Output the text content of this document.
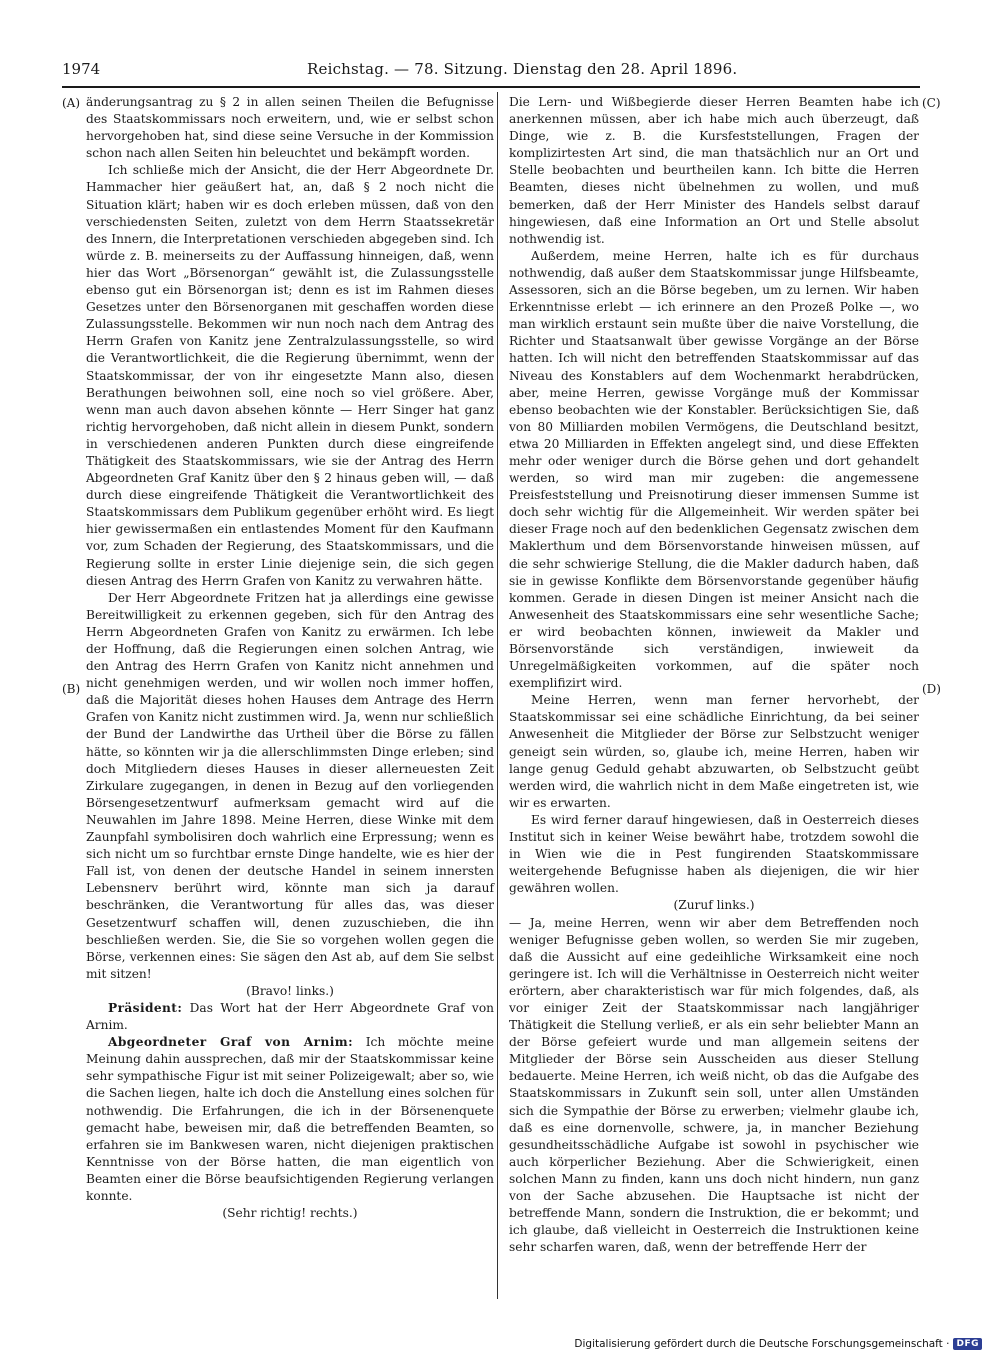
1974	Reichstag. — 78. Sitzung. Dienstag den 28. April 1896.
(A)
(B)
(C)
(D)

änderungsantrag zu § 2 in allen seinen Theilen die Befugnisse des Staatskommissars noch erweitern, und, wie er selbst schon hervorgehoben hat, sind diese seine Versuche in der Kommission schon nach allen Seiten hin beleuchtet und bekämpft worden.

Ich schließe mich der Ansicht, die der Herr Abgeordnete Dr. Hammacher hier geäußert hat, an, daß § 2 noch nicht die Situation klärt; haben wir es doch erleben müssen, daß von den verschiedensten Seiten, zuletzt von dem Herrn Staatssekretär des Innern, die Interpretationen verschieden abgegeben sind. Ich würde z. B. meinerseits zu der Auffassung hinneigen, daß, wenn hier das Wort „Börsenorgan“ gewählt ist, die Zulassungsstelle ebenso gut ein Börsenorgan ist; denn es ist im Rahmen dieses Gesetzes unter den Börsenorganen mit geschaffen worden diese Zulassungsstelle. Bekommen wir nun noch nach dem Antrag des Herrn Grafen von Kanitz jene Zentralzulassungsstelle, so wird die Verantwortlichkeit, die die Regierung übernimmt, wenn der Staatskommissar, der von ihr eingesetzte Mann also, diesen Berathungen beiwohnen soll, eine noch so viel größere. Aber, wenn man auch davon absehen könnte — Herr Singer hat ganz richtig hervorgehoben, daß nicht allein in diesem Punkt, sondern in verschiedenen anderen Punkten durch diese eingreifende Thätigkeit des Staatskommissars, wie sie der Antrag des Herrn Abgeordneten Graf Kanitz über den § 2 hinaus geben will, — daß durch diese eingreifende Thätigkeit die Verantwortlichkeit des Staatskommissars dem Publikum gegenüber erhöht wird. Es liegt hier gewissermaßen ein entlastendes Moment für den Kaufmann vor, zum Schaden der Regierung, des Staatskommissars, und die Regierung sollte in erster Linie diejenige sein, die sich gegen diesen Antrag des Herrn Grafen von Kanitz zu verwahren hätte.

Der Herr Abgeordnete Fritzen hat ja allerdings eine gewisse Bereitwilligkeit zu erkennen gegeben, sich für den Antrag des Herrn Abgeordneten Grafen von Kanitz zu erwärmen. Ich lebe der Hoffnung, daß die Regierungen einen solchen Antrag, wie den Antrag des Herrn Grafen von Kanitz nicht annehmen und nicht genehmigen werden, und wir wollen noch immer hoffen, daß die Majorität dieses hohen Hauses dem Antrage des Herrn Grafen von Kanitz nicht zustimmen wird. Ja, wenn nur schließlich der Bund der Landwirthe das Urtheil über die Börse zu fällen hätte, so könnten wir ja die allerschlimmsten Dinge erleben; sind doch Mitgliedern dieses Hauses in dieser allerneuesten Zeit Zirkulare zugegangen, in denen in Bezug auf den vorliegenden Börsengesetzentwurf aufmerksam gemacht wird auf die Neuwahlen im Jahre 1898. Meine Herren, diese Winke mit dem Zaunpfahl symbolisiren doch wahrlich eine Erpressung; wenn es sich nicht um so furchtbar ernste Dinge handelte, wie es hier der Fall ist, von denen der deutsche Handel in seinem innersten Lebensnerv berührt wird, könnte man sich ja darauf beschränken, die Verantwortung für alles das, was dieser Gesetzentwurf schaffen will, denen zuzuschieben, die ihn beschließen werden. Sie, die Sie so vorgehen wollen gegen die Börse, verkennen eines: Sie sägen den Ast ab, auf dem Sie selbst mit sitzen!

(Bravo! links.)

Präsident: Das Wort hat der Herr Abgeordnete Graf von Arnim.

Abgeordneter Graf von Arnim: Ich möchte meine Meinung dahin aussprechen, daß mir der Staatskommissar keine sehr sympathische Figur ist mit seiner Polizeigewalt; aber so, wie die Sachen liegen, halte ich doch die Anstellung eines solchen für nothwendig. Die Erfahrungen, die ich in der Börsenenquete gemacht habe, beweisen mir, daß die betreffenden Beamten, so erfahren sie im Bankwesen waren, nicht diejenigen praktischen Kenntnisse von der Börse hatten, die man eigentlich von Beamten einer die Börse beaufsichtigenden Regierung verlangen konnte.

(Sehr richtig! rechts.)

Die Lern- und Wißbegierde dieser Herren Beamten habe ich anerkennen müssen, aber ich habe mich auch überzeugt, daß Dinge, wie z. B. die Kursfeststellungen, Fragen der komplizirtesten Art sind, die man thatsächlich nur an Ort und Stelle beobachten und beurtheilen kann. Ich bitte die Herren Beamten, dieses nicht übelnehmen zu wollen, und muß bemerken, daß der Herr Minister des Handels selbst darauf hingewiesen, daß eine Information an Ort und Stelle absolut nothwendig ist.

Außerdem, meine Herren, halte ich es für durchaus nothwendig, daß außer dem Staatskommissar junge Hilfsbeamte, Assessoren, sich an die Börse begeben, um zu lernen. Wir haben Erkenntnisse erlebt — ich erinnere an den Prozeß Polke —, wo man wirklich erstaunt sein mußte über die naive Vorstellung, die Richter und Staatsanwalt über gewisse Vorgänge an der Börse hatten. Ich will nicht den betreffenden Staatskommissar auf das Niveau des Konstablers auf dem Wochenmarkt herabdrücken, aber, meine Herren, gewisse Vorgänge muß der Kommissar ebenso beobachten wie der Konstabler. Berücksichtigen Sie, daß von 80 Milliarden mobilen Vermögens, die Deutschland besitzt, etwa 20 Milliarden in Effekten angelegt sind, und diese Effekten mehr oder weniger durch die Börse gehen und dort gehandelt werden, so wird man mir zugeben: die angemessene Preisfeststellung und Preisnotirung dieser immensen Summe ist doch sehr wichtig für die Allgemeinheit. Wir werden später bei dieser Frage noch auf den bedenklichen Gegensatz zwischen dem Maklerthum und dem Börsenvorstande hinweisen müssen, auf die sehr schwierige Stellung, die die Makler dadurch haben, daß sie in gewisse Konflikte dem Börsenvorstande gegenüber häufig kommen. Gerade in diesen Dingen ist meiner Ansicht nach die Anwesenheit des Staatskommissars eine sehr wesentliche Sache; er wird beobachten können, inwieweit da Makler und Börsenvorstände sich verständigen, inwieweit da Unregelmäßigkeiten vorkommen, auf die später noch exemplifizirt wird.

Meine Herren, wenn man ferner hervorhebt, der Staatskommissar sei eine schädliche Einrichtung, da bei seiner Anwesenheit die Mitglieder der Börse zur Selbstzucht weniger geneigt sein würden, so, glaube ich, meine Herren, haben wir lange genug Geduld gehabt abzuwarten, ob Selbstzucht geübt werden wird, die wahrlich nicht in dem Maße eingetreten ist, wie wir es erwarten.

Es wird ferner darauf hingewiesen, daß in Oesterreich dieses Institut sich in keiner Weise bewährt habe, trotzdem sowohl die in Wien wie die in Pest fungirenden Staatskommissare weitergehende Befugnisse haben als diejenigen, die wir hier gewähren wollen.

(Zuruf links.)

— Ja, meine Herren, wenn wir aber dem Betreffenden noch weniger Befugnisse geben wollen, so werden Sie mir zugeben, daß die Aussicht auf eine gedeihliche Wirksamkeit eine noch geringere ist. Ich will die Verhältnisse in Oesterreich nicht weiter erörtern, aber charakteristisch war für mich folgendes, daß, als vor einiger Zeit der Staatskommissar nach langjähriger Thätigkeit die Stellung verließ, er als ein sehr beliebter Mann an der Börse gefeiert wurde und man allgemein seitens der Mitglieder der Börse sein Ausscheiden aus dieser Stellung bedauerte. Meine Herren, ich weiß nicht, ob das die Aufgabe des Staatskommissars in Zukunft sein soll, unter allen Umständen sich die Sympathie der Börse zu erwerben; vielmehr glaube ich, daß es eine dornenvolle, schwere, ja, in mancher Beziehung gesundheitsschädliche Aufgabe ist sowohl in psychischer wie auch körperlicher Beziehung. Aber die Schwierigkeit, einen solchen Mann zu finden, kann uns doch nicht hindern, nun ganz von der Sache abzusehen. Die Hauptsache ist nicht der betreffende Mann, sondern die Instruktion, die er bekommt; und ich glaube, daß vielleicht in Oesterreich die Instruktionen keine sehr scharfen waren, daß, wenn der betreffende Herr der

Digitalisierung gefördert durch die Deutsche Forschungsgemeinschaft · DFG
